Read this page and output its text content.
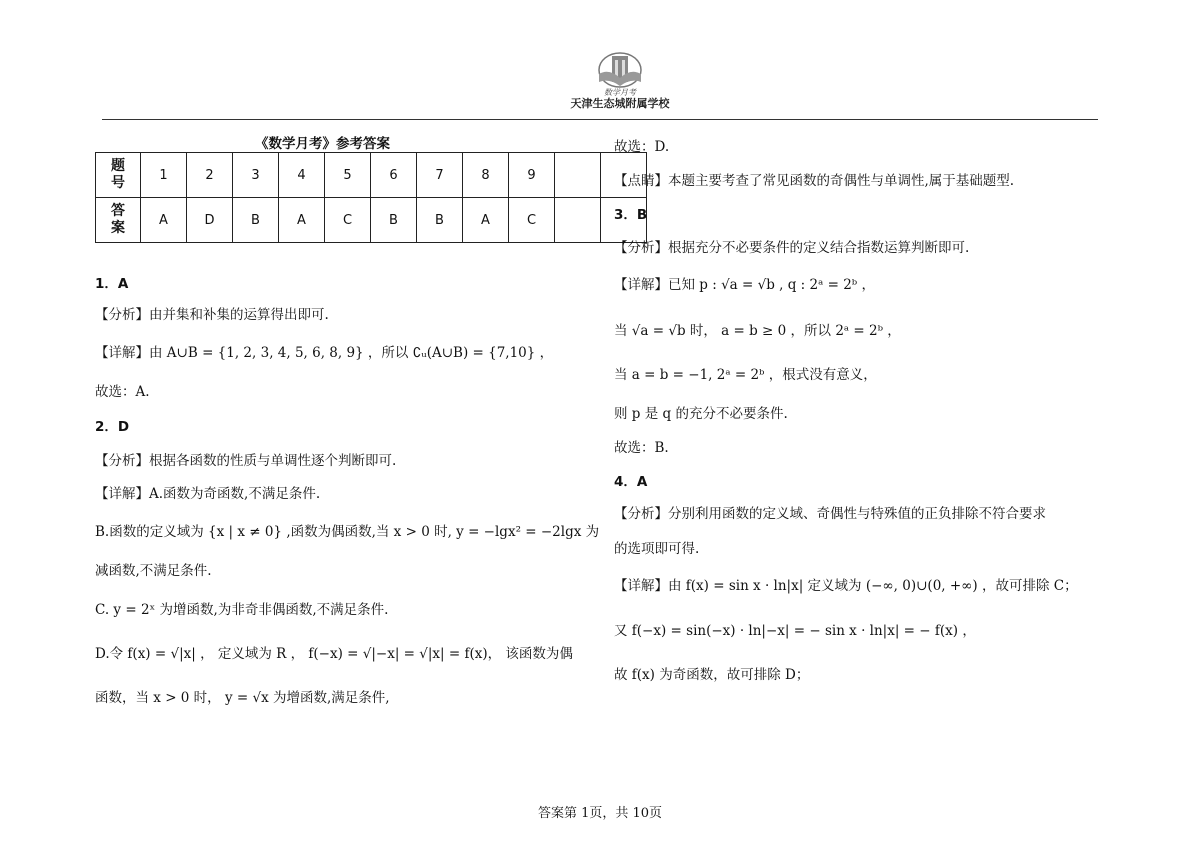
数学月考
天津生态城附属学校
《数学月考》参考答案
题
号	1	2	3	4	5	6	7	8	9		
答
案	A	D	B	A	C	B	B	A	C		
1．A
【分析】由并集和补集的运算得出即可.
【详解】由 A∪B = {1, 2, 3, 4, 5, 6, 8, 9} ，所以 ∁ᵤ(A∪B) = {7,10} ，
故选：A.
2．D
【分析】根据各函数的性质与单调性逐个判断即可.
【详解】A.函数为奇函数,不满足条件.
B.函数的定义域为 {x | x ≠ 0} ,函数为偶函数,当 x > 0 时, y = −lgx² = −2lgx 为
减函数,不满足条件.
C. y = 2ˣ 为增函数,为非奇非偶函数,不满足条件.
D.令 f(x) = √|x| ， 定义域为 R ， f(−x) = √|−x| = √|x| = f(x)， 该函数为偶
函数，当 x > 0 时， y = √x 为增函数,满足条件,
故选：D.
【点睛】本题主要考查了常见函数的奇偶性与单调性,属于基础题型.
3．B
【分析】根据充分不必要条件的定义结合指数运算判断即可.
【详解】已知 p : √a = √b , q : 2ᵃ = 2ᵇ ，
当 √a = √b 时， a = b ≥ 0 ，所以 2ᵃ = 2ᵇ ，
当 a = b = −1, 2ᵃ = 2ᵇ ，根式没有意义，
则 p 是 q 的充分不必要条件.
故选：B.
4．A
【分析】分别利用函数的定义域、奇偶性与特殊值的正负排除不符合要求
的选项即可得.
【详解】由 f(x) = sin x · ln|x| 定义域为 (−∞, 0)∪(0, +∞) ，故可排除 C；
又 f(−x) = sin(−x) · ln|−x| = − sin x · ln|x| = − f(x) ，
故 f(x) 为奇函数，故可排除 D；
答案第 1页，共 10页
